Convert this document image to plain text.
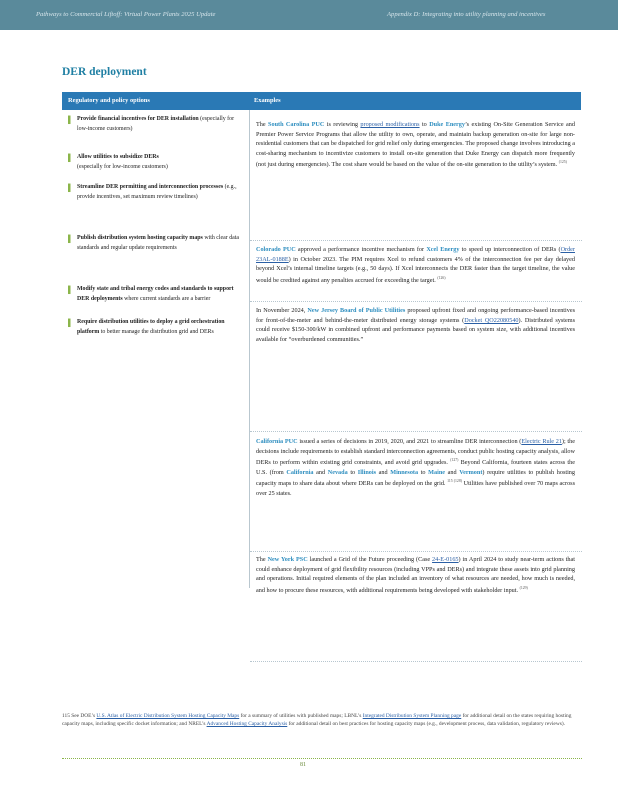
Pathways to Commercial Liftoff: Virtual Power Plants 2025 Update	Appendix D: Integrating into utility planning and incentives
DER deployment
Regulatory and policy options	Examples
▌ Provide financial incentives for DER installation (especially for low-income customers)
▌ Allow utilities to subsidize DERs
(especially for low-income customers)
▌ Streamline DER permitting and interconnection processes (e.g., provide incentives, set maximum review timelines)
▌ Publish distribution system hosting capacity maps with clear data standards and regular update requirements
▌ Modify state and tribal energy codes and standards to support DER deployments where current standards are a barrier
▌ Require distribution utilities to deploy a grid orchestration platform to better manage the distribution grid and DERs

The South Carolina PUC is reviewing proposed modifications to Duke Energy’s existing On-Site Generation Service and Premier Power Service Programs that allow the utility to own, operate, and maintain backup generation on-site for large non-residential customers that can be dispatched for grid relief only during emergencies. The proposed change involves introducing a cost-sharing mechanism to incentivize customers to install on-site generation that Duke Energy can dispatch more frequently (not just during emergencies). The cost share would be based on the value of the on-site generation to the utility’s system. $^{(125)}$

Colorado PUC approved a performance incentive mechanism for Xcel Energy to speed up interconnection of DERs (Order 23AL-0188E) in October 2023. The PIM requires Xcel to refund customers 4% of the interconnection fee per day delayed beyond Xcel’s internal timeline targets (e.g., 50 days). If Xcel interconnects the DER faster than the target timeline, the value would be credited against any penalties accrued for exceeding the target. $^{(126)}$

In November 2024, New Jersey Board of Public Utilities proposed upfront fixed and ongoing performance-based incentives for front-of-the-meter and behind-the-meter distributed energy storage systems (Docket QO22080540). Distributed systems could receive $150-300/kW in combined upfront and performance payments based on system size, with additional incentives available for “overburdened communities.”

California PUC issued a series of decisions in 2019, 2020, and 2021 to streamline DER interconnection (Electric Rule 21); the decisions include requirements to establish standard interconnection agreements, conduct public hosting capacity analysis, allow DERs to perform within existing grid constraints, and avoid grid upgrades. $^{(127)}$ Beyond California, fourteen states across the U.S. (from California and Nevada to Illinois and Minnesota to Maine and Vermont) require utilities to publish hosting capacity maps to share data about where DERs can be deployed on the grid. $^{115 (128)}$ Utilities have published over 70 maps across over 25 states.

The New York PSC launched a Grid of the Future proceeding (Case 24-E-0165) in April 2024 to study near-term actions that could enhance deployment of grid flexibility resources (including VPPs and DERs) and integrate these assets into grid planning and operations. Initial required elements of the plan included an inventory of what resources are needed, how much is needed, and how to procure these resources, with additional requirements being developed with stakeholder input. $^{(129)}$

115 See DOE’s U.S. Atlas of Electric Distribution System Hosting Capacity Maps for a summary of utilities with published maps; LBNL’s Integrated Distribution System Planning page for additional detail on the states requiring hosting capacity maps, including specific docket information; and NREL’s Advanced Hosting Capacity Analysis for additional detail on best practices for hosting capacity maps (e.g., development process, data validation, regulatory reviews).

81
